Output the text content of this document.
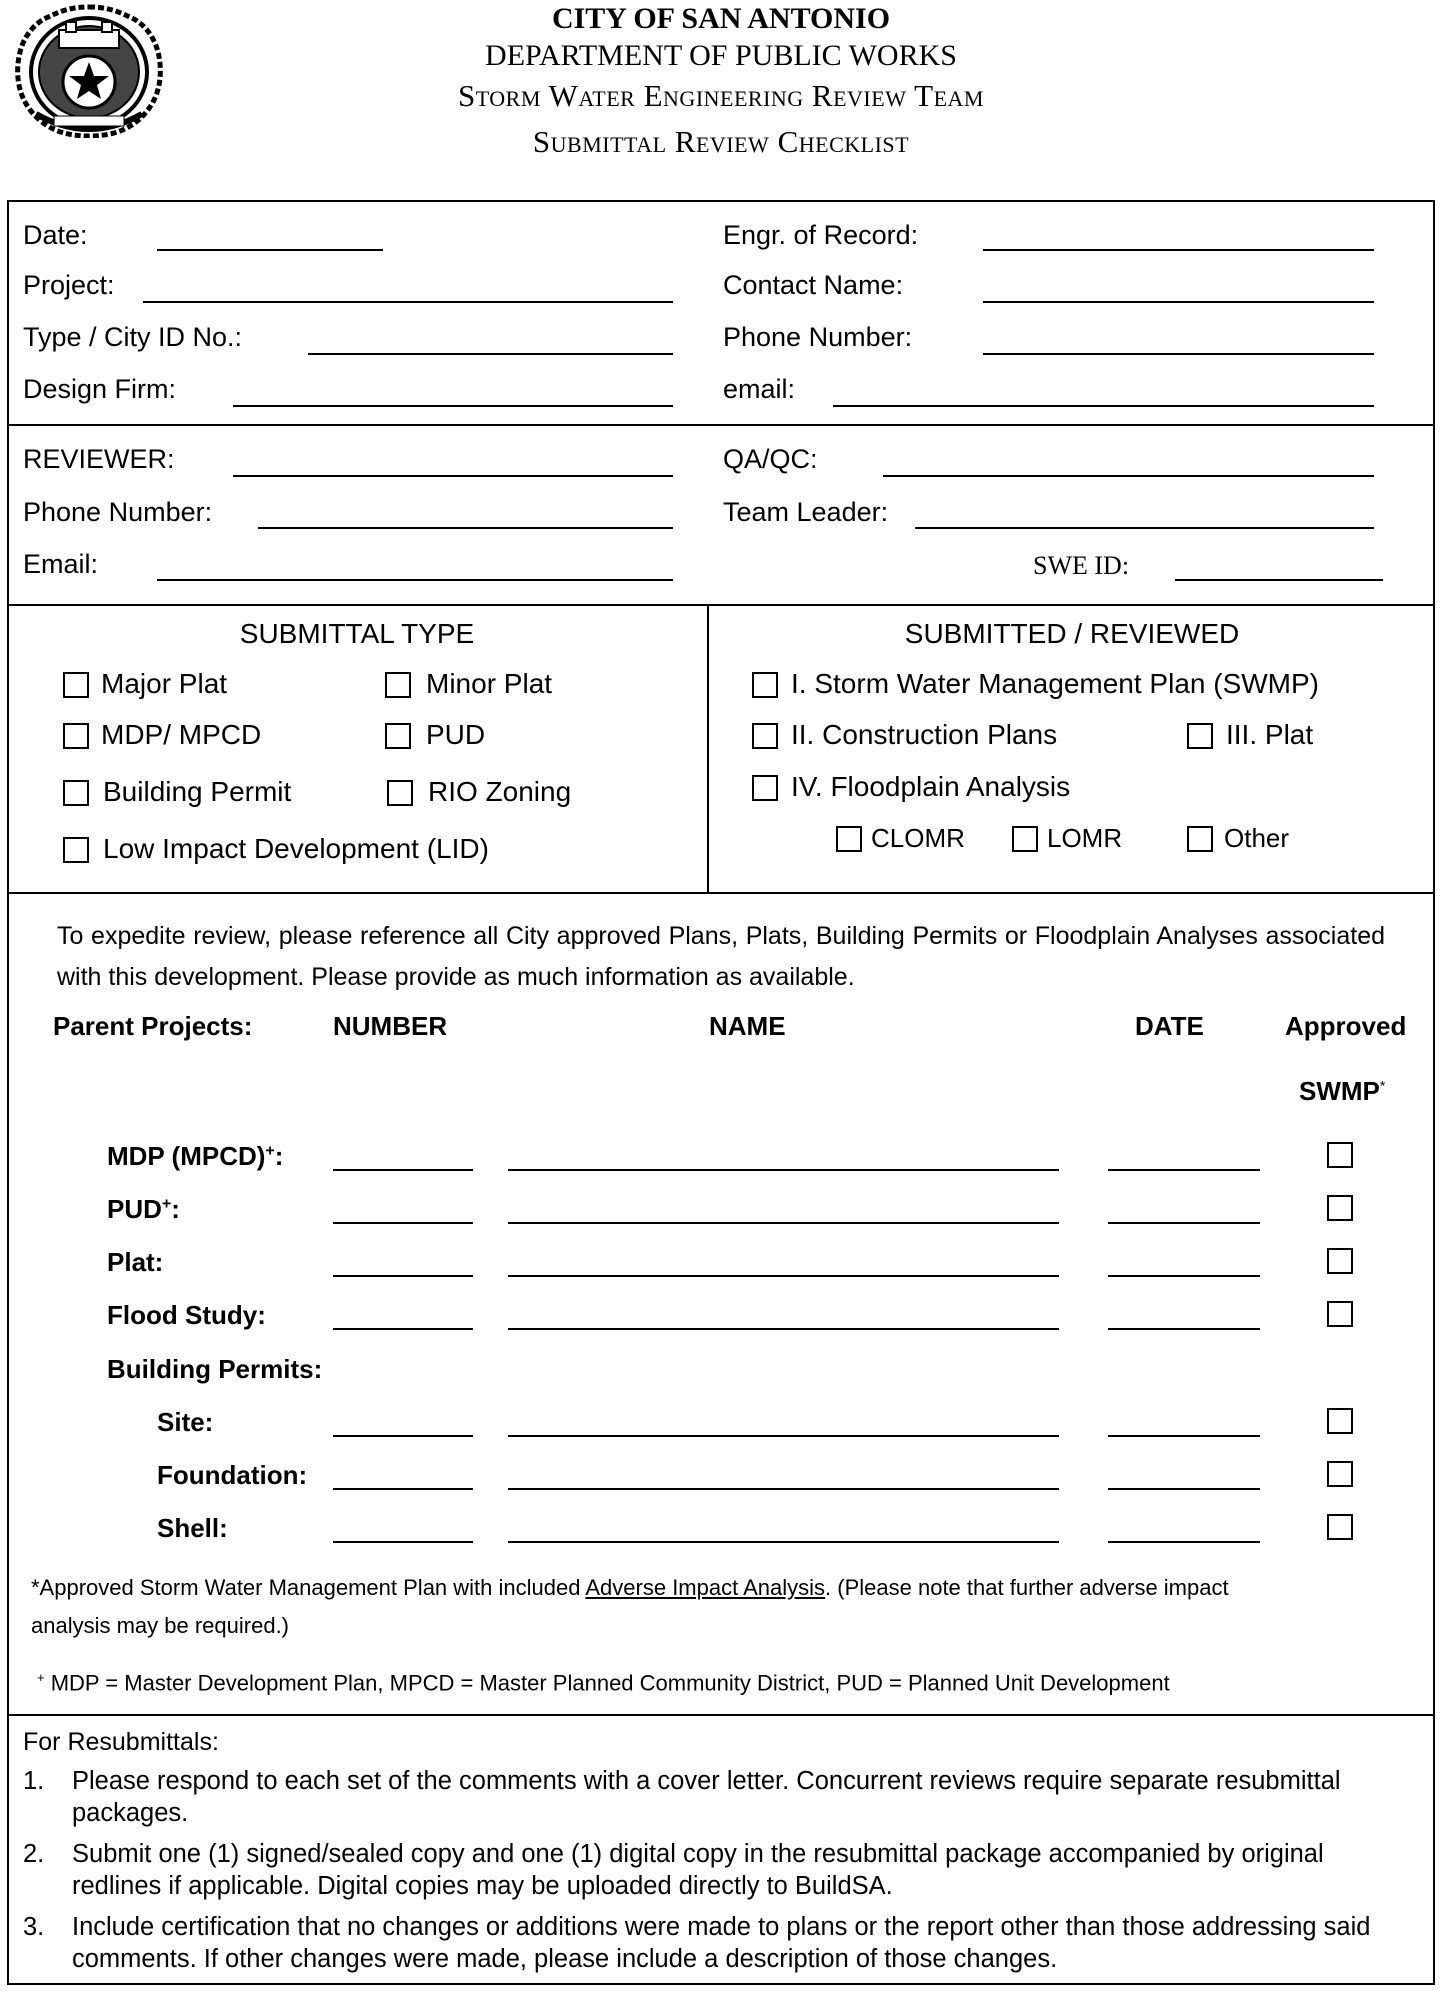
CITY OF SAN ANTONIO
DEPARTMENT OF PUBLIC WORKS
Storm Water Engineering Review Team
Submittal Review Checklist
Date:
Project:
Type / City ID No.:
Design Firm:
Engr. of Record:
Contact Name:
Phone Number:
email:
REVIEWER:
Phone Number:
Email:
QA/QC:
Team Leader:
SWE ID:
SUBMITTAL TYPE
Major Plat	Minor Plat
MDP/ MPCD	PUD
Building Permit	RIO Zoning
Low Impact Development (LID)
SUBMITTED / REVIEWED
I. Storm Water Management Plan (SWMP)
II. Construction Plans	III. Plat
IV. Floodplain Analysis
CLOMR	LOMR	Other
To expedite review, please reference all City approved Plans, Plats, Building Permits or Floodplain Analyses associated with this development. Please provide as much information as available.
Parent Projects:	NUMBER	NAME	DATE	Approved
SWMP*
MDP (MPCD)+:
PUD+:
Plat:
Flood Study:
Building Permits:
Site:
Foundation:
Shell:
*Approved Storm Water Management Plan with included Adverse Impact Analysis. (Please note that further adverse impact
analysis may be required.)
+ MDP = Master Development Plan, MPCD = Master Planned Community District, PUD = Planned Unit Development
For Resubmittals:
1. Please respond to each set of the comments with a cover letter. Concurrent reviews require separate resubmittal packages.
2. Submit one (1) signed/sealed copy and one (1) digital copy in the resubmittal package accompanied by original redlines if applicable. Digital copies may be uploaded directly to BuildSA.
3. Include certification that no changes or additions were made to plans or the report other than those addressing said comments. If other changes were made, please include a description of those changes.
